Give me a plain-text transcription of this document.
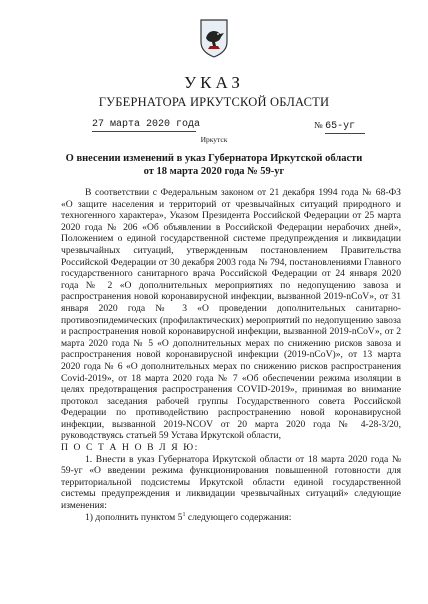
УКАЗ
ГУБЕРНАТОРА ИРКУТСКОЙ ОБЛАСТИ
27 марта 2020 года	№ 65-уг
Иркутск
О внесении изменений в указ Губернатора Иркутской области
от 18 марта 2020 года № 59-уг

В соответствии с Федеральным законом от 21 декабря 1994 года № 68-ФЗ «О защите населения и территорий от чрезвычайных ситуаций природного и техногенного характера», Указом Президента Российской Федерации от 25 марта 2020 года № 206 «Об объявлении в Российской Федерации нерабочих дней», Положением о единой государственной системе предупреждения и ликвидации чрезвычайных ситуаций, утвержденным постановлением Правительства Российской Федерации от 30 декабря 2003 года № 794, постановлениями Главного государственного санитарного врача Российской Федерации от 24 января 2020 года № 2 «О дополнительных мероприятиях по недопущению завоза и распространения новой коронавирусной инфекции, вызванной 2019-nCoV», от 31 января 2020 года № 3 «О проведении дополнительных санитарно-противоэпидемических (профилактических) мероприятий по недопущению завоза и распространения новой коронавирусной инфекции, вызванной 2019-nCoV», от 2 марта 2020 года № 5 «О дополнительных мерах по снижению рисков завоза и распространения новой коронавирусной инфекции (2019-nCoV)», от 13 марта 2020 года № 6 «О дополнительных мерах по снижению рисков распространения Covid-2019», от 18 марта 2020 года № 7 «Об обеспечении режима изоляции в целях предотвращения распространения COVID-2019», принимая во внимание протокол заседания рабочей группы Государственного совета Российской Федерации по противодействию распространению новой коронавирусной инфекции, вызванной 2019-NCOV от 20 марта 2020 года № 4-28-3/20, руководствуясь статьей 59 Устава Иркутской области,

П О С Т А Н О В Л Я Ю:

1. Внести в указ Губернатора Иркутской области от 18 марта 2020 года № 59-уг «О введении режима функционирования повышенной готовности для территориальной подсистемы Иркутской области единой государственной системы предупреждения и ликвидации чрезвычайных ситуаций» следующие изменения:

1) дополнить пунктом $5^1$ следующего содержания:
